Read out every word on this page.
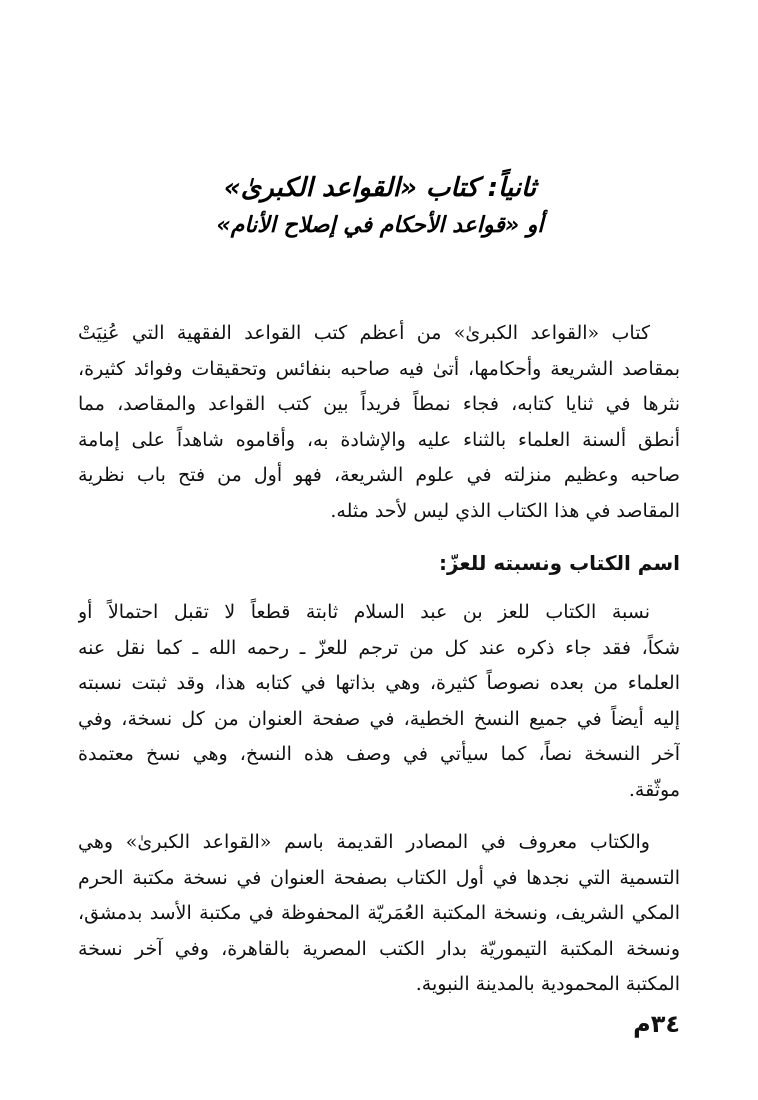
ثانياً: كتاب «القواعد الكبرىٰ»
أو «قواعد الأحكام في إصلاح الأنام»
كتاب «القواعد الكبرىٰ» من أعظم كتب القواعد الفقهية التي عُنِيَتْ
بمقاصد الشريعة وأحكامها، أتىٰ فيه صاحبه بنفائس وتحقيقات وفوائد كثيرة،
نثرها في ثنايا كتابه، فجاء نمطاً فريداً بين كتب القواعد والمقاصد، مما
أنطق ألسنة العلماء بالثناء عليه والإشادة به، وأقاموه شاهداً على إمامة
صاحبه وعظيم منزلته في علوم الشريعة، فهو أول من فتح باب نظرية
المقاصد في هذا الكتاب الذي ليس لأحد مثله.
اسم الكتاب ونسبته للعزّ:
نسبة الكتاب للعز بن عبد السلام ثابتة قطعاً لا تقبل احتمالاً أو
شكاً، فقد جاء ذكره عند كل من ترجم للعزّ ـ رحمه الله ـ كما نقل عنه
العلماء من بعده نصوصاً كثيرة، وهي بذاتها في كتابه هذا، وقد ثبتت نسبته
إليه أيضاً في جميع النسخ الخطية، في صفحة العنوان من كل نسخة، وفي
آخر النسخة نصاً، كما سيأتي في وصف هذه النسخ، وهي نسخ معتمدة
موثّقة.
والكتاب معروف في المصادر القديمة باسم «القواعد الكبرىٰ» وهي
التسمية التي نجدها في أول الكتاب بصفحة العنوان في نسخة مكتبة الحرم
المكي الشريف، ونسخة المكتبة العُمَريّة المحفوظة في مكتبة الأسد بدمشق،
ونسخة المكتبة التيموريّة بدار الكتب المصرية بالقاهرة، وفي آخر نسخة
المكتبة المحمودية بالمدينة النبوية.
٣٤م
